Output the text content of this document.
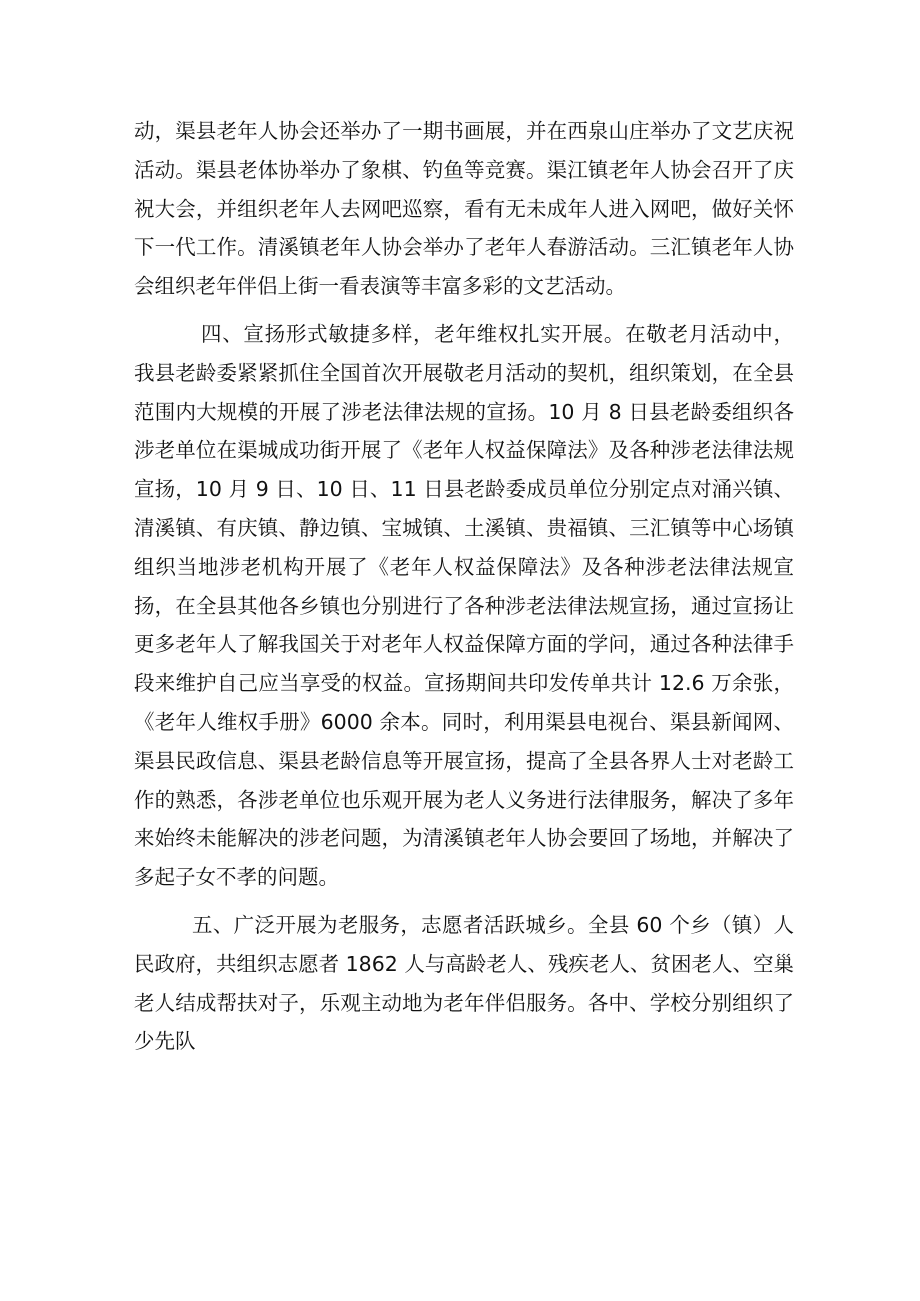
动，渠县老年人协会还举办了一期书画展，并在西泉山庄举办了文艺庆祝活动。渠县老体协举办了象棋、钓鱼等竞赛。渠江镇老年人协会召开了庆祝大会，并组织老年人去网吧巡察，看有无未成年人进入网吧，做好关怀下一代工作。清溪镇老年人协会举办了老年人春游活动。三汇镇老年人协会组织老年伴侣上街一看表演等丰富多彩的文艺活动。

四、宣扬形式敏捷多样，老年维权扎实开展。在敬老月活动中，我县老龄委紧紧抓住全国首次开展敬老月活动的契机，组织策划，在全县范围内大规模的开展了涉老法律法规的宣扬。10 月 8 日县老龄委组织各涉老单位在渠城成功街开展了《老年人权益保障法》及各种涉老法律法规宣扬，10 月 9 日、10 日、11 日县老龄委成员单位分别定点对涌兴镇、清溪镇、有庆镇、静边镇、宝城镇、土溪镇、贵福镇、三汇镇等中心场镇组织当地涉老机构开展了《老年人权益保障法》及各种涉老法律法规宣扬，在全县其他各乡镇也分别进行了各种涉老法律法规宣扬，通过宣扬让更多老年人了解我国关于对老年人权益保障方面的学问，通过各种法律手段来维护自己应当享受的权益。宣扬期间共印发传单共计 12.6 万余张，《老年人维权手册》6000 余本。同时，利用渠县电视台、渠县新闻网、渠县民政信息、渠县老龄信息等开展宣扬，提高了全县各界人士对老龄工作的熟悉，各涉老单位也乐观开展为老人义务进行法律服务，解决了多年来始终未能解决的涉老问题，为清溪镇老年人协会要回了场地，并解决了多起子女不孝的问题。

五、广泛开展为老服务，志愿者活跃城乡。全县 60 个乡（镇）人民政府，共组织志愿者 1862 人与高龄老人、残疾老人、贫困老人、空巢老人结成帮扶对子，乐观主动地为老年伴侣服务。各中、学校分别组织了少先队
